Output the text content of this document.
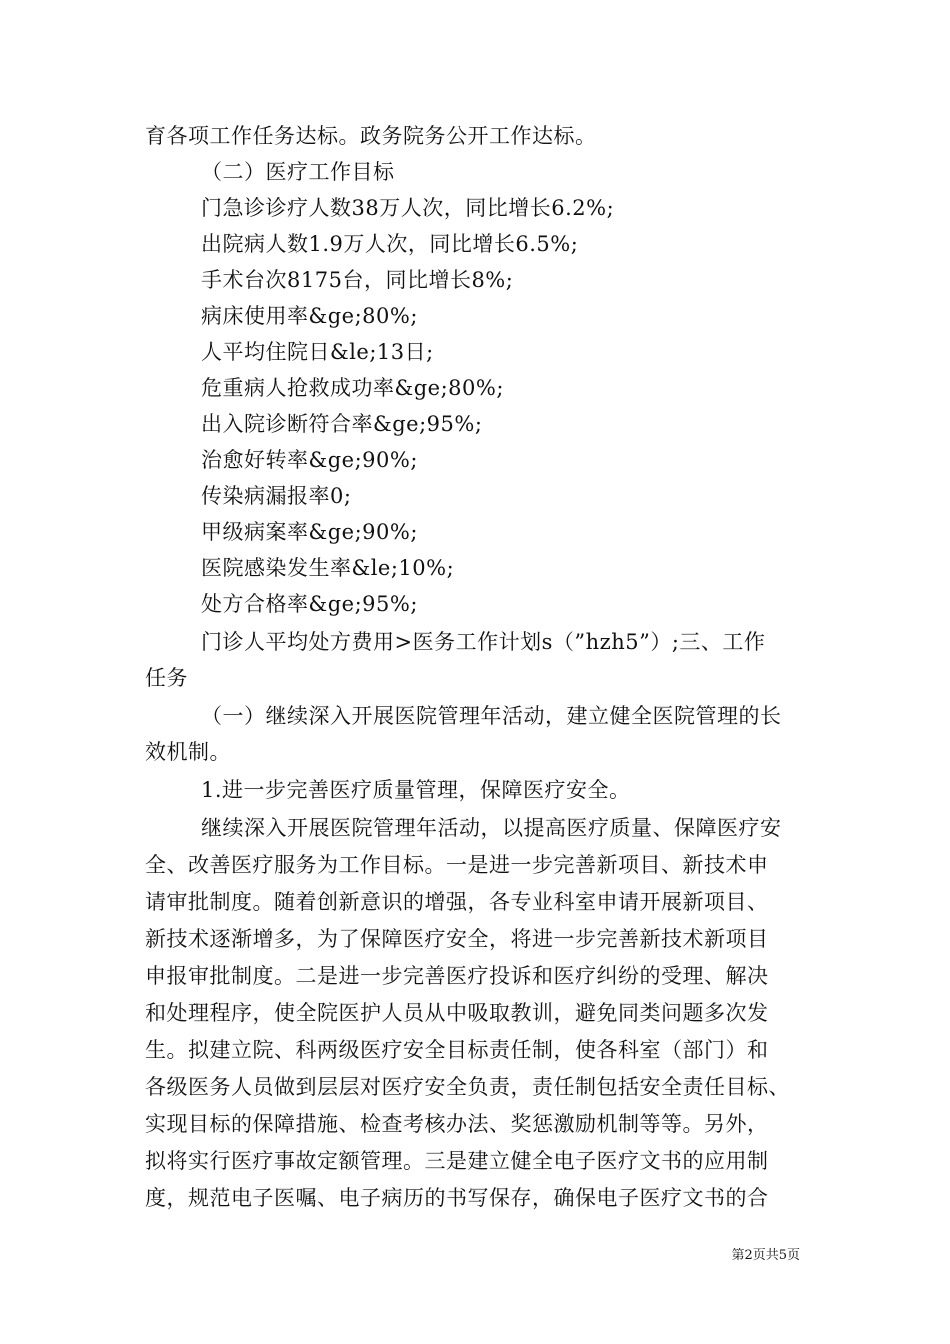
育各项工作任务达标。政务院务公开工作达标。
（二）医疗工作目标
门急诊诊疗人数38万人次，同比增长6.2%;
出院病人数1.9万人次，同比增长6.5%;
手术台次8175台，同比增长8%;
病床使用率&ge;80%;
人平均住院日&le;13日;
危重病人抢救成功率&ge;80%;
出入院诊断符合率&ge;95%;
治愈好转率&ge;90%;
传染病漏报率0;
甲级病案率&ge;90%;
医院感染发生率&le;10%;
处方合格率&ge;95%;
门诊人平均处方费用>医务工作计划s（”hzh5”）;三、工作
任务
（一）继续深入开展医院管理年活动，建立健全医院管理的长
效机制。
1.进一步完善医疗质量管理，保障医疗安全。
继续深入开展医院管理年活动，以提高医疗质量、保障医疗安
全、改善医疗服务为工作目标。一是进一步完善新项目、新技术申
请审批制度。随着创新意识的增强，各专业科室申请开展新项目、
新技术逐渐增多，为了保障医疗安全，将进一步完善新技术新项目
申报审批制度。二是进一步完善医疗投诉和医疗纠纷的受理、解决
和处理程序，使全院医护人员从中吸取教训，避免同类问题多次发
生。拟建立院、科两级医疗安全目标责任制，使各科室（部门）和
各级医务人员做到层层对医疗安全负责，责任制包括安全责任目标、
实现目标的保障措施、检查考核办法、奖惩激励机制等等。另外，
拟将实行医疗事故定额管理。三是建立健全电子医疗文书的应用制
度，规范电子医嘱、电子病历的书写保存，确保电子医疗文书的合
第2页共5页
